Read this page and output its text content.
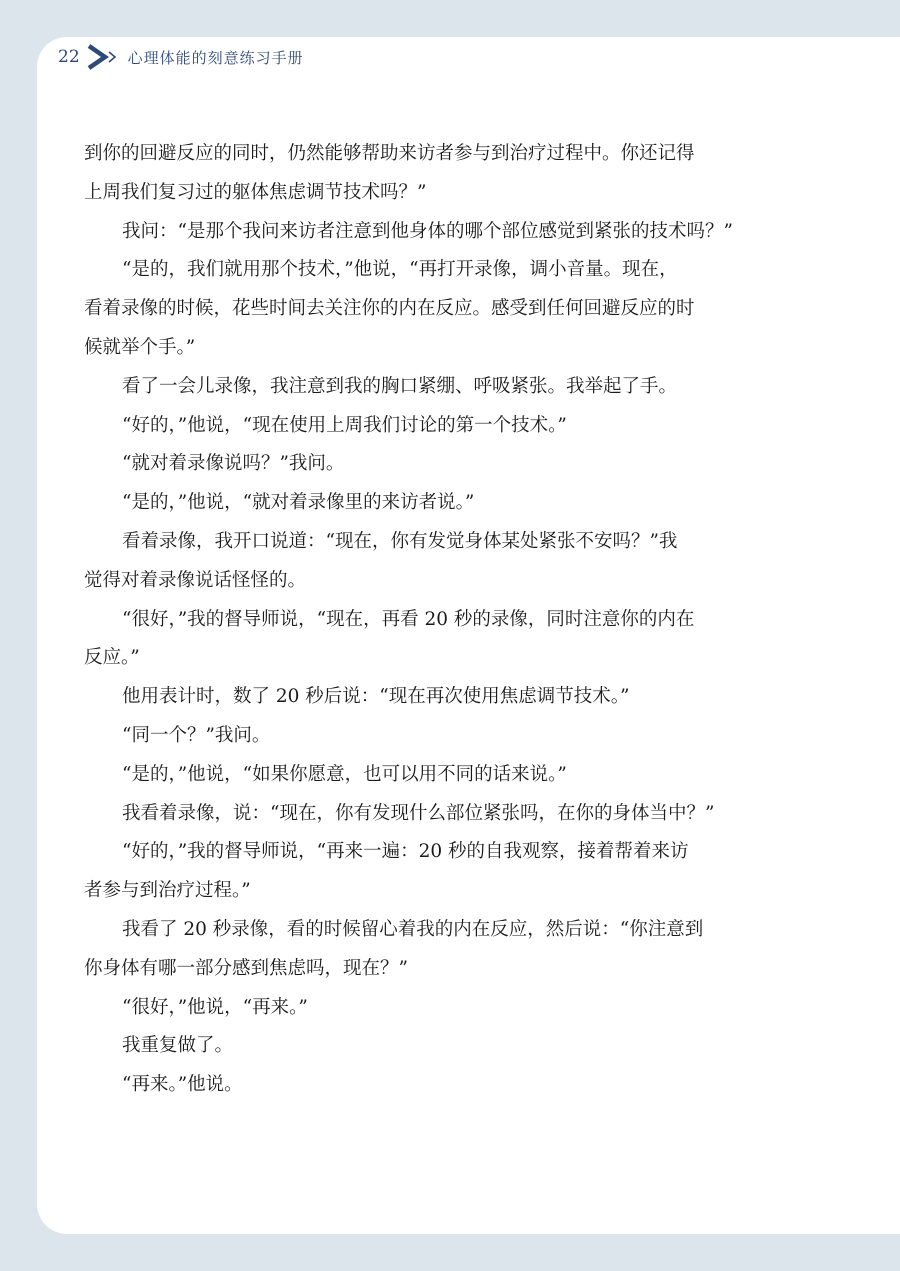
22	心理体能的刻意练习手册

到你的回避反应的同时，仍然能够帮助来访者参与到治疗过程中。你还记得

上周我们复习过的躯体焦虑调节技术吗？”

我问：“是那个我问来访者注意到他身体的哪个部位感觉到紧张的技术吗？”

“是的，我们就用那个技术，”他说，“再打开录像，调小音量。现在，

看着录像的时候，花些时间去关注你的内在反应。感受到任何回避反应的时

候就举个手。”

看了一会儿录像，我注意到我的胸口紧绷、呼吸紧张。我举起了手。

“好的，”他说，“现在使用上周我们讨论的第一个技术。”

“就对着录像说吗？”我问。

“是的，”他说，“就对着录像里的来访者说。”

看着录像，我开口说道：“现在，你有发觉身体某处紧张不安吗？”我

觉得对着录像说话怪怪的。

“很好，”我的督导师说，“现在，再看 20 秒的录像，同时注意你的内在

反应。”

他用表计时，数了 20 秒后说：“现在再次使用焦虑调节技术。”

“同一个？”我问。

“是的，”他说，“如果你愿意，也可以用不同的话来说。”

我看着录像，说：“现在，你有发现什么部位紧张吗，在你的身体当中？”

“好的，”我的督导师说，“再来一遍：20 秒的自我观察，接着帮着来访

者参与到治疗过程。”

我看了 20 秒录像，看的时候留心着我的内在反应，然后说：“你注意到

你身体有哪一部分感到焦虑吗，现在？”

“很好，”他说，“再来。”

我重复做了。

“再来。”他说。
